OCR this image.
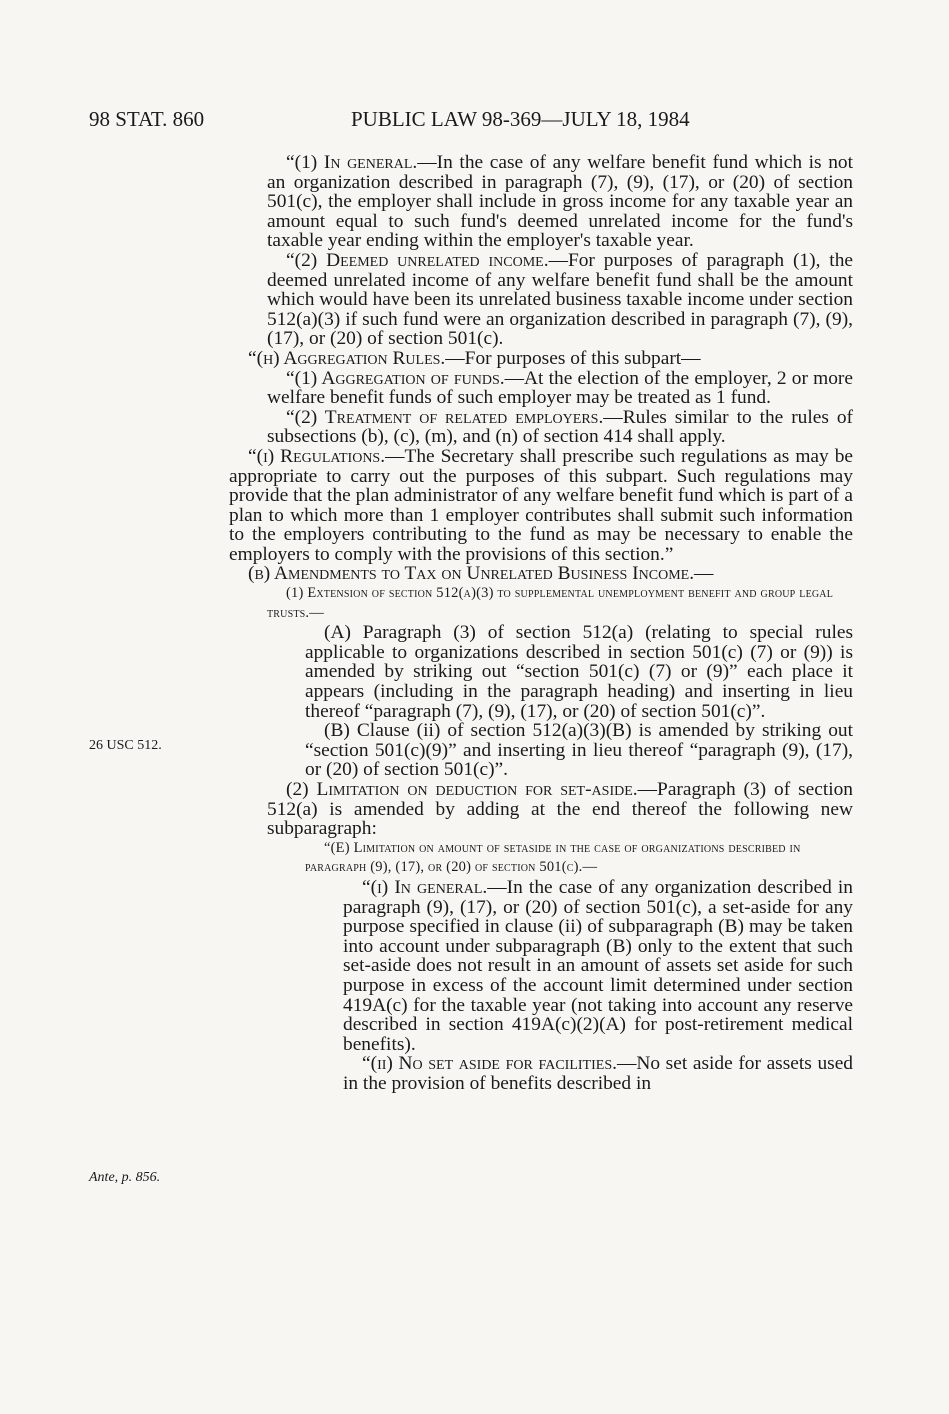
98 STAT. 860	PUBLIC LAW 98-369—JULY 18, 1984
26 USC 512.
Ante, p. 856.

“(1) In general.—In the case of any welfare benefit fund which is not an organization described in paragraph (7), (9), (17), or (20) of section 501(c), the employer shall include in gross income for any taxable year an amount equal to such fund's deemed unrelated income for the fund's taxable year ending within the employer's taxable year.

“(2) Deemed unrelated income.—For purposes of paragraph (1), the deemed unrelated income of any welfare benefit fund shall be the amount which would have been its unrelated business taxable income under section 512(a)(3) if such fund were an organization described in paragraph (7), (9), (17), or (20) of section 501(c).

“(h) Aggregation Rules.—For purposes of this subpart—

“(1) Aggregation of funds.—At the election of the employer, 2 or more welfare benefit funds of such employer may be treated as 1 fund.

“(2) Treatment of related employers.—Rules similar to the rules of subsections (b), (c), (m), and (n) of section 414 shall apply.

“(i) Regulations.—The Secretary shall prescribe such regulations as may be appropriate to carry out the purposes of this subpart. Such regulations may provide that the plan administrator of any welfare benefit fund which is part of a plan to which more than 1 employer contributes shall submit such information to the employers contributing to the fund as may be necessary to enable the employers to comply with the provisions of this section.”

(b) Amendments to Tax on Unrelated Business Income.—

(1) Extension of section 512(a)(3) to supplemental unemployment benefit and group legal trusts.—

(A) Paragraph (3) of section 512(a) (relating to special rules applicable to organizations described in section 501(c) (7) or (9)) is amended by striking out “section 501(c) (7) or (9)” each place it appears (including in the paragraph heading) and inserting in lieu thereof “paragraph (7), (9), (17), or (20) of section 501(c)”.

(B) Clause (ii) of section 512(a)(3)(B) is amended by striking out “section 501(c)(9)” and inserting in lieu thereof “paragraph (9), (17), or (20) of section 501(c)”.

(2) Limitation on deduction for set-aside.—Paragraph (3) of section 512(a) is amended by adding at the end thereof the following new subparagraph:

“(E) Limitation on amount of setaside in the case of organizations described in paragraph (9), (17), or (20) of section 501(c).—

“(i) In general.—In the case of any organization described in paragraph (9), (17), or (20) of section 501(c), a set-aside for any purpose specified in clause (ii) of subparagraph (B) may be taken into account under subparagraph (B) only to the extent that such set-aside does not result in an amount of assets set aside for such purpose in excess of the account limit determined under section 419A(c) for the taxable year (not taking into account any reserve described in section 419A(c)(2)(A) for post-retirement medical benefits).

“(ii) No set aside for facilities.—No set aside for assets used in the provision of benefits described in
